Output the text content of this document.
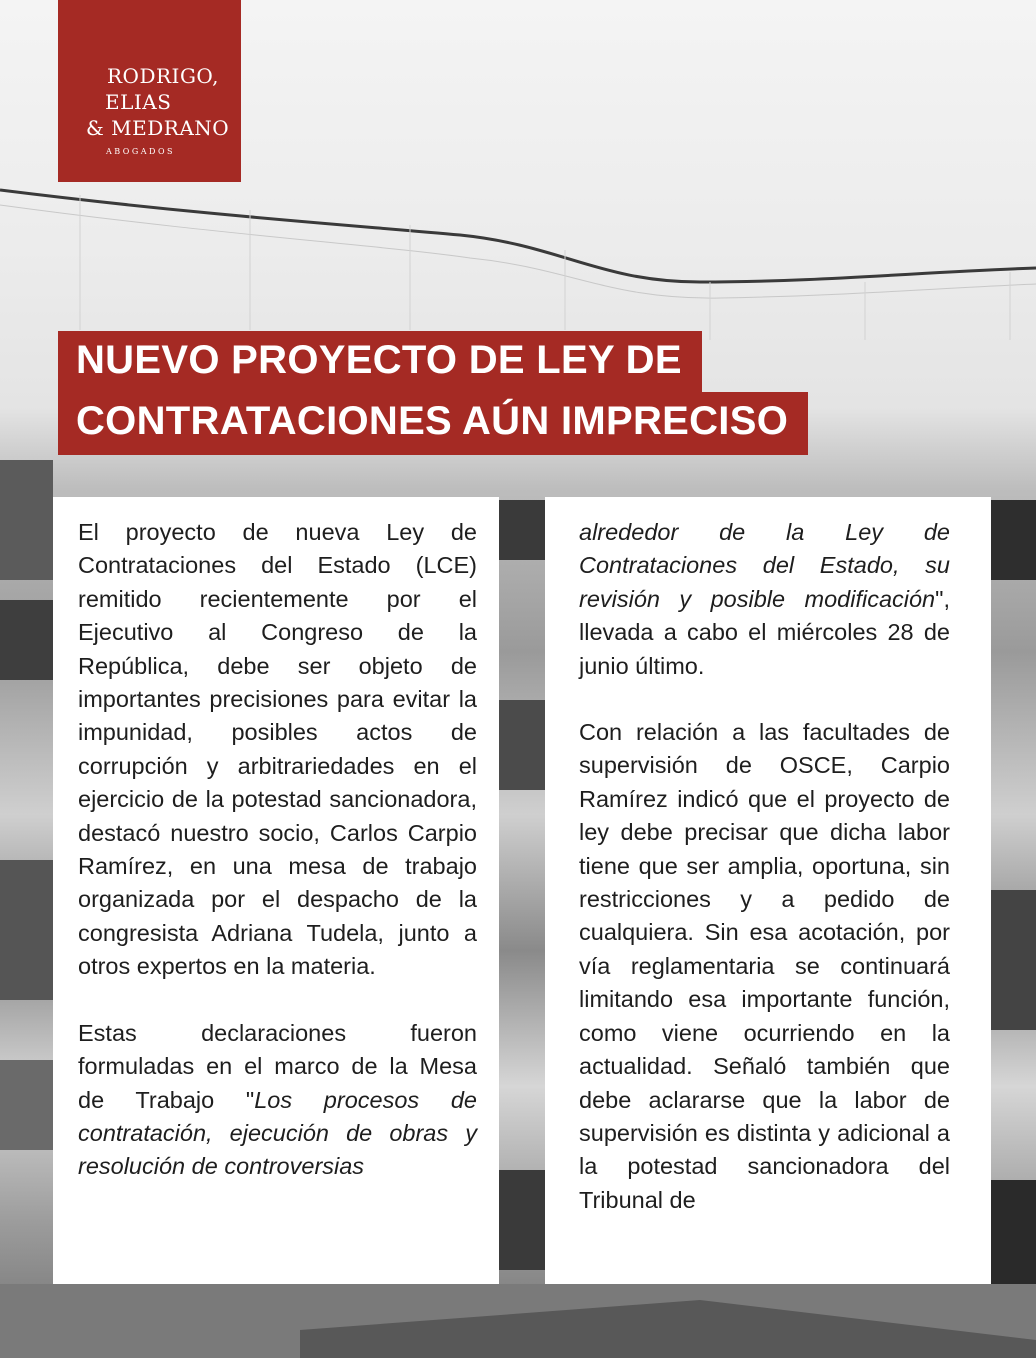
RODRIGO,
ELIAS
& MEDRANO
ABOGADOS
NUEVO PROYECTO DE LEY DE
CONTRATACIONES AÚN IMPRECISO

El proyecto de nueva Ley de Contrataciones del Estado (LCE) remitido recientemente por el Ejecutivo al Congreso de la República, debe ser objeto de importantes precisiones para evitar la impunidad, posibles actos de corrupción y arbitrariedades en el ejercicio de la potestad sancionadora, destacó nuestro socio, Carlos Carpio Ramírez, en una mesa de trabajo organizada por el despacho de la congresista Adriana Tudela, junto a otros expertos en la materia.

Estas declaraciones fueron formuladas en el marco de la Mesa de Trabajo "Los procesos de contratación, ejecución de obras y resolución de controversias

alrededor de la Ley de Contrataciones del Estado, su revisión y posible modificación", llevada a cabo el miércoles 28 de junio último.

Con relación a las facultades de supervisión de OSCE, Carpio Ramírez indicó que el proyecto de ley debe precisar que dicha labor tiene que ser amplia, oportuna, sin restricciones y a pedido de cualquiera. Sin esa acotación, por vía reglamentaria se continuará limitando esa importante función, como viene ocurriendo en la actualidad. Señaló también que debe aclararse que la labor de supervisión es distinta y adicional a la potestad sancionadora del Tribunal de
